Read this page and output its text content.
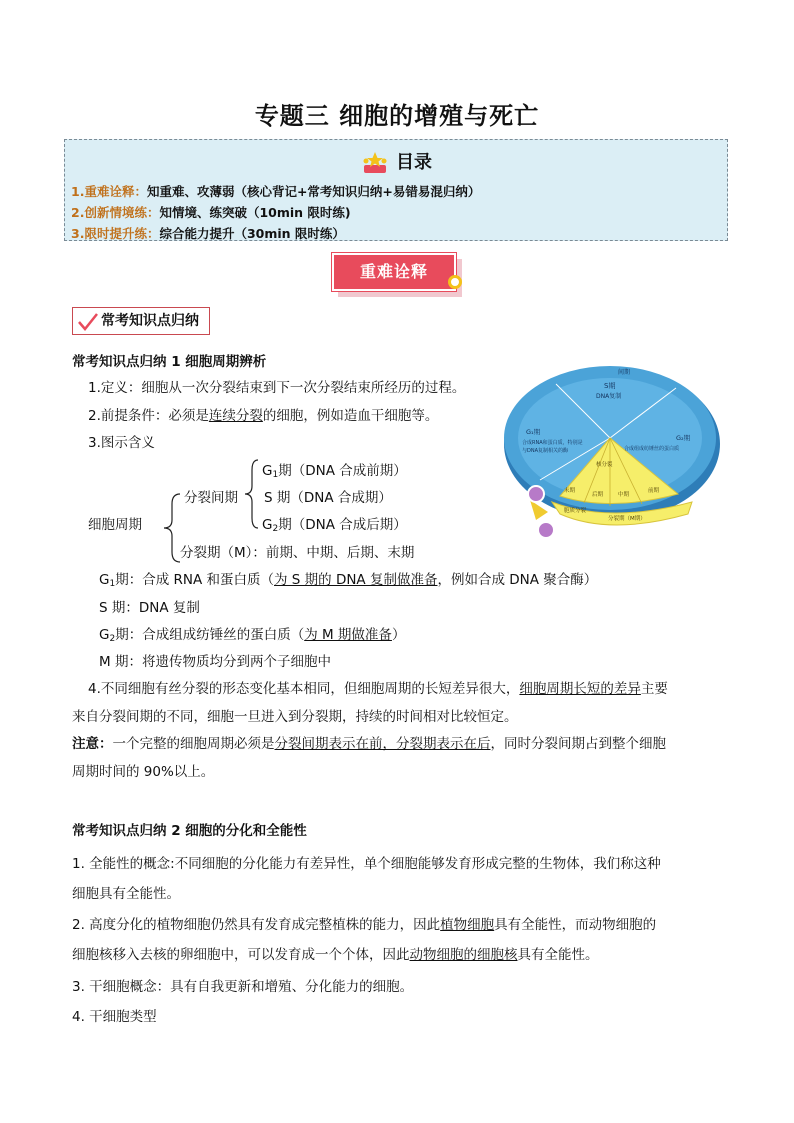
专题三 细胞的增殖与死亡
目录
1.重难诠释：知重难、攻薄弱（核心背记+常考知识归纳+易错易混归纳）
2.创新情境练：知情境、练突破（10min 限时练)
3.限时提升练：综合能力提升（30min 限时练）
重难诠释
常考知识点归纳
常考知识点归纳 1 细胞周期辨析
1.定义：细胞从一次分裂结束到下一次分裂结束所经历的过程。
2.前提条件：必须是连续分裂的细胞，例如造血干细胞等。
3.图示含义
细胞周期
分裂间期
$G_1$期（DNA 合成前期）
S 期（DNA 合成期）
$G_2$期（DNA 合成后期）
分裂期（M）：前期、中期、后期、末期
$G_1$期：合成 RNA 和蛋白质（为 S 期的 DNA 复制做准备，例如合成 DNA 聚合酶）
S 期：DNA 复制
$G_2$期：合成组成纺锤丝的蛋白质（为 M 期做准备）
M 期：将遗传物质均分到两个子细胞中
4.不同细胞有丝分裂的形态变化基本相同，但细胞周期的长短差异很大，细胞周期长短的差异主要
来自分裂间期的不同，细胞一旦进入到分裂期，持续的时间相对比较恒定。
注意：一个完整的细胞周期必须是分裂间期表示在前，分裂期表示在后，同时分裂间期占到整个细胞
周期时间的 90%以上。
S期
DNA复制
G₁期
合成RNA和蛋白质，特别是
与DNA复制相关的酶
G₂期
合成组成纺锤丝的蛋白质
间期
核分裂
末期
后期	中期
前期
分裂期（M期）
胞质分裂
常考知识点归纳 2 细胞的分化和全能性
1. 全能性的概念:不同细胞的分化能力有差异性，单个细胞能够发育形成完整的生物体，我们称这种
细胞具有全能性。
2. 高度分化的植物细胞仍然具有发育成完整植株的能力，因此植物细胞具有全能性，而动物细胞的
细胞核移入去核的卵细胞中，可以发育成一个个体，因此动物细胞的细胞核具有全能性。
3. 干细胞概念：具有自我更新和增殖、分化能力的细胞。
4. 干细胞类型
